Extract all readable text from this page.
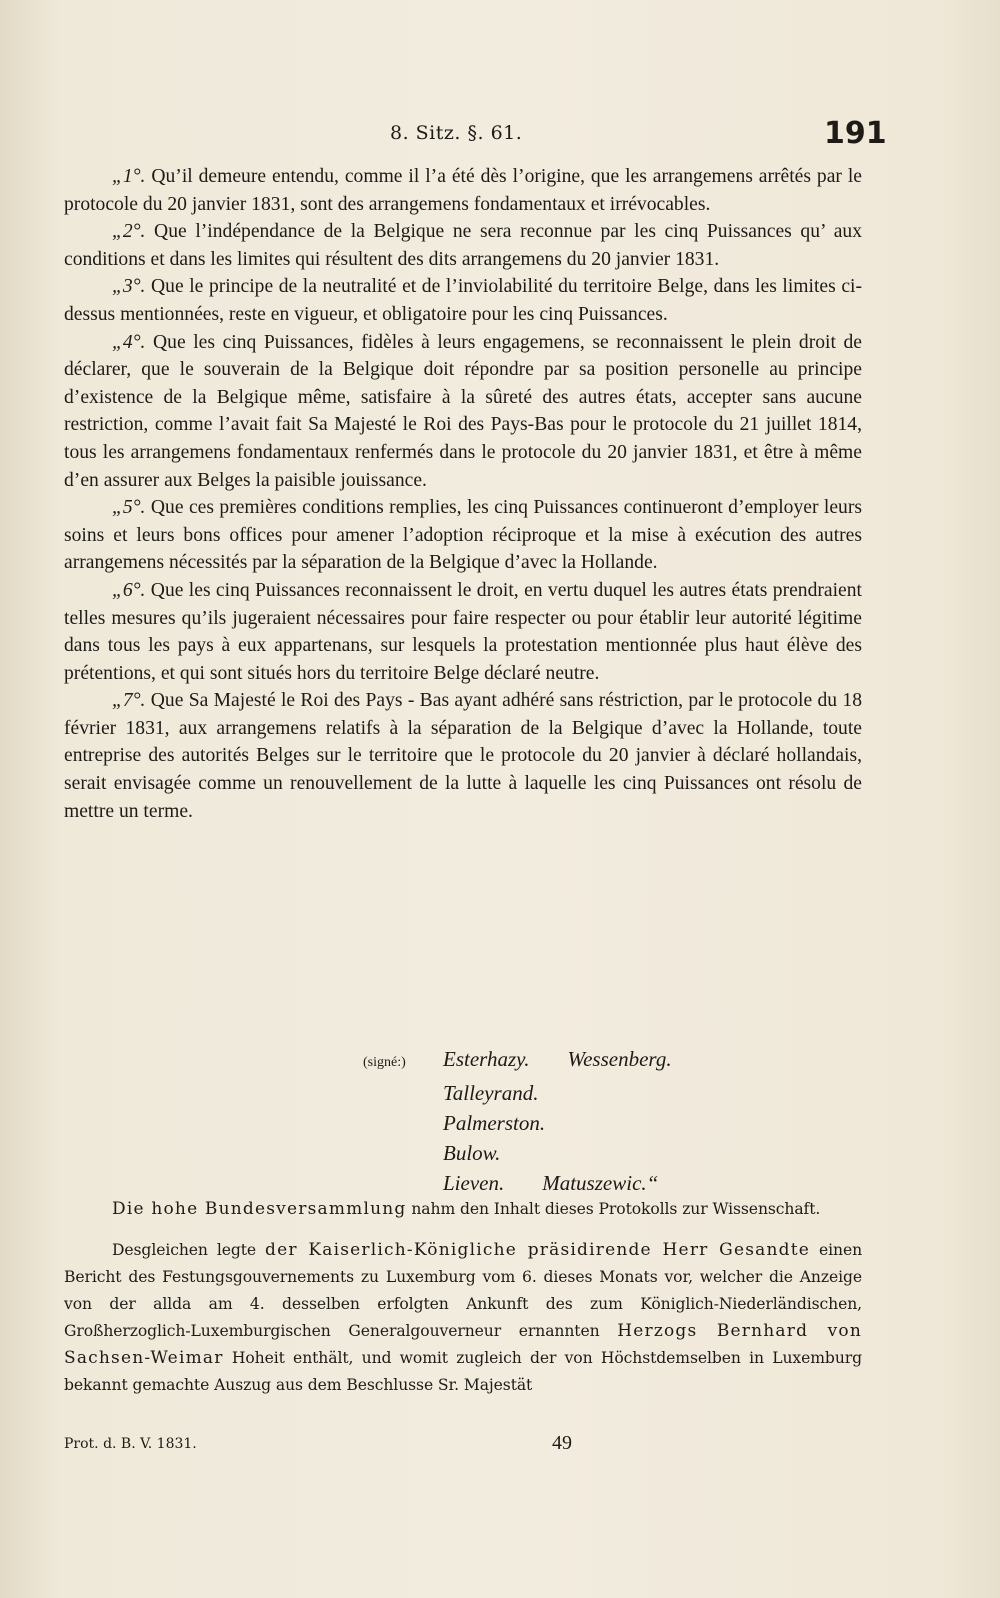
8. Sitz. §. 61.	191

„1°. Qu’il demeure entendu, comme il l’a été dès l’origine, que les arrangemens arrêtés par le protocole du 20 janvier 1831, sont des arrangemens fondamentaux et irrévocables.

„2°. Que l’indépendance de la Belgique ne sera reconnue par les cinq Puissances qu’ aux conditions et dans les limites qui résultent des dits arrangemens du 20 janvier 1831.

„3°. Que le principe de la neutralité et de l’inviolabilité du territoire Belge, dans les limites ci-dessus mentionnées, reste en vigueur, et obligatoire pour les cinq Puissances.

„4°. Que les cinq Puissances, fidèles à leurs engagemens, se reconnaissent le plein droit de déclarer, que le souverain de la Belgique doit répondre par sa position personelle au principe d’existence de la Belgique même, satisfaire à la sûreté des autres états, accepter sans aucune restriction, comme l’avait fait Sa Majesté le Roi des Pays-Bas pour le protocole du 21 juillet 1814, tous les arrangemens fondamentaux renfermés dans le protocole du 20 janvier 1831, et être à même d’en assurer aux Belges la paisible jouissance.

„5°. Que ces premières conditions remplies, les cinq Puissances continueront d’employer leurs soins et leurs bons offices pour amener l’adoption réciproque et la mise à exécution des autres arrangemens nécessités par la séparation de la Belgique d’avec la Hollande.

„6°. Que les cinq Puissances reconnaissent le droit, en vertu duquel les autres états prendraient telles mesures qu’ils jugeraient nécessaires pour faire respecter ou pour établir leur autorité légitime dans tous les pays à eux appartenans, sur lesquels la protestation mentionnée plus haut élève des prétentions, et qui sont situés hors du territoire Belge déclaré neutre.

„7°. Que Sa Majesté le Roi des Pays - Bas ayant adhéré sans réstriction, par le protocole du 18 février 1831, aux arrangemens relatifs à la séparation de la Belgique d’avec la Hollande, toute entreprise des autorités Belges sur le territoire que le protocole du 20 janvier à déclaré hollandais, serait envisagée comme un renouvellement de la lutte à laquelle les cinq Puissances ont résolu de mettre un terme.

(signé:)	Esterhazy. Wessenberg.
Talleyrand.
Palmerston.
Bulow.
Lieven. Matuszewic.“

Die hohe Bundesversammlung nahm den Inhalt dieses Protokolls zur Wissenschaft.

Desgleichen legte der Kaiserlich-Königliche präsidirende Herr Gesandte einen Bericht des Festungsgouvernements zu Luxemburg vom 6. dieses Monats vor, welcher die Anzeige von der allda am 4. desselben erfolgten Ankunft des zum Königlich-Niederländischen, Großherzoglich-Luxemburgischen Generalgouverneur ernannten Herzogs Bernhard von Sachsen-Weimar Hoheit enthält, und womit zugleich der von Höchstdemselben in Luxemburg bekannt gemachte Auszug aus dem Beschlusse Sr. Majestät

Prot. d. B. V. 1831.	49
